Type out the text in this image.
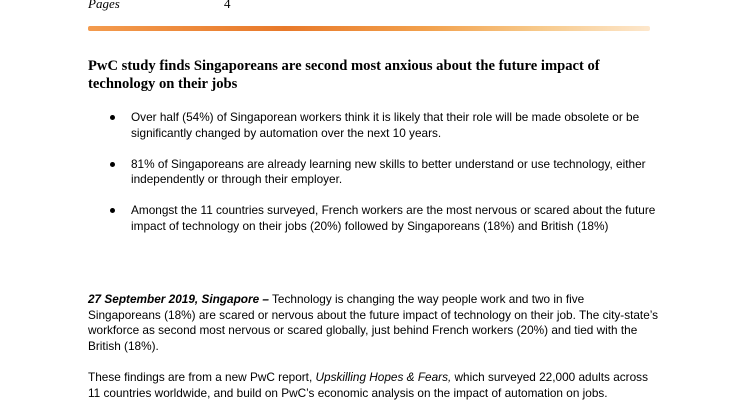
Pages	4
PwC study finds Singaporeans are second most anxious about the future impact of technology on their jobs
Over half (54%) of Singaporean workers think it is likely that their role will be made obsolete or be significantly changed by automation over the next 10 years.
81% of Singaporeans are already learning new skills to better understand or use technology, either independently or through their employer.
Amongst the 11 countries surveyed, French workers are the most nervous or scared about the future impact of technology on their jobs (20%) followed by Singaporeans (18%) and British (18%)

27 September 2019, Singapore – Technology is changing the way people work and two in five Singaporeans (18%) are scared or nervous about the future impact of technology on their job. The city-state’s workforce as second most nervous or scared globally, just behind French workers (20%) and tied with the British (18%).

These findings are from a new PwC report, Upskilling Hopes & Fears, which surveyed 22,000 adults across 11 countries worldwide, and build on PwC’s economic analysis on the impact of automation on jobs.
